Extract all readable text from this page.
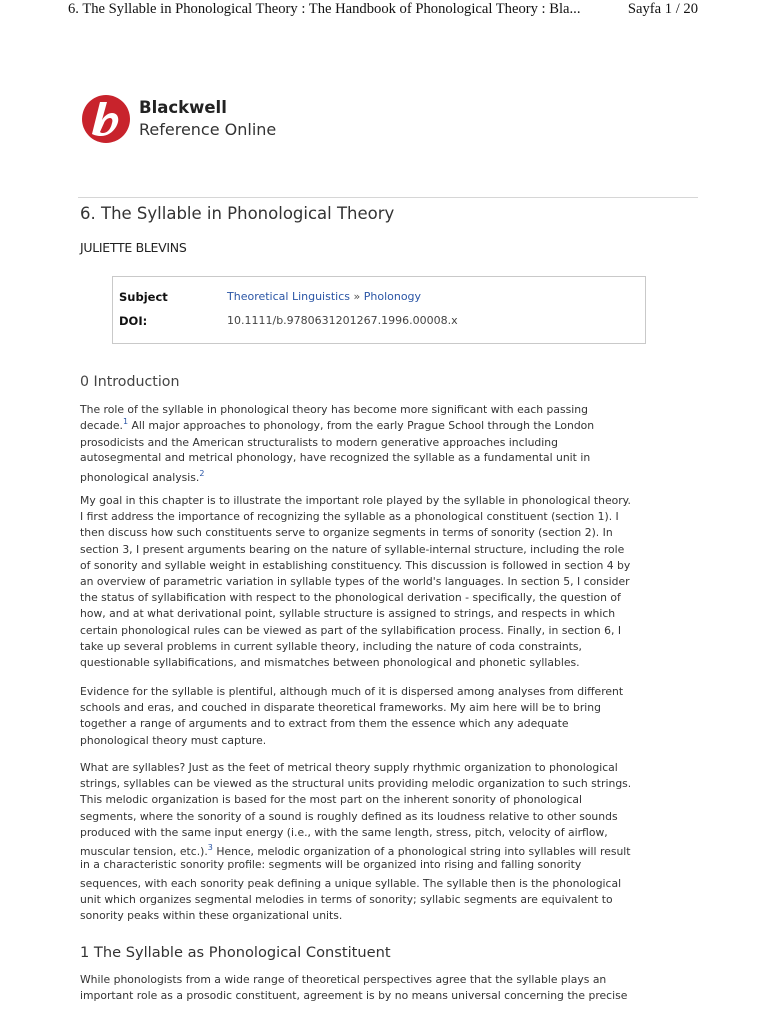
6. The Syllable in Phonological Theory : The Handbook of Phonological Theory : Bla...	Sayfa 1 / 20
Blackwell
Reference Online
6. The Syllable in Phonological Theory
JULIETTE BLEVINS
Subject	Theoretical Linguistics » Pholonogy
DOI:	10.1111/b.9780631201267.1996.00008.x
0 Introduction
The role of the syllable in phonological theory has become more significant with each passing
decade.$^1$ All major approaches to phonology, from the early Prague School through the London
prosodicists and the American structuralists to modern generative approaches including
autosegmental and metrical phonology, have recognized the syllable as a fundamental unit in
phonological analysis.$^2$
My goal in this chapter is to illustrate the important role played by the syllable in phonological theory.
I first address the importance of recognizing the syllable as a phonological constituent (section 1). I
then discuss how such constituents serve to organize segments in terms of sonority (section 2). In
section 3, I present arguments bearing on the nature of syllable-internal structure, including the role
of sonority and syllable weight in establishing constituency. This discussion is followed in section 4 by
an overview of parametric variation in syllable types of the world's languages. In section 5, I consider
the status of syllabification with respect to the phonological derivation - specifically, the question of
how, and at what derivational point, syllable structure is assigned to strings, and respects in which
certain phonological rules can be viewed as part of the syllabification process. Finally, in section 6, I
take up several problems in current syllable theory, including the nature of coda constraints,
questionable syllabifications, and mismatches between phonological and phonetic syllables.
Evidence for the syllable is plentiful, although much of it is dispersed among analyses from different
schools and eras, and couched in disparate theoretical frameworks. My aim here will be to bring
together a range of arguments and to extract from them the essence which any adequate
phonological theory must capture.
What are syllables? Just as the feet of metrical theory supply rhythmic organization to phonological
strings, syllables can be viewed as the structural units providing melodic organization to such strings.
This melodic organization is based for the most part on the inherent sonority of phonological
segments, where the sonority of a sound is roughly defined as its loudness relative to other sounds
produced with the same input energy (i.e., with the same length, stress, pitch, velocity of airflow,
muscular tension, etc.).$^3$ Hence, melodic organization of a phonological string into syllables will result
in a characteristic sonority profile: segments will be organized into rising and falling sonority
sequences, with each sonority peak defining a unique syllable. The syllable then is the phonological
unit which organizes segmental melodies in terms of sonority; syllabic segments are equivalent to
sonority peaks within these organizational units.
1 The Syllable as Phonological Constituent
While phonologists from a wide range of theoretical perspectives agree that the syllable plays an
important role as a prosodic constituent, agreement is by no means universal concerning the precise
